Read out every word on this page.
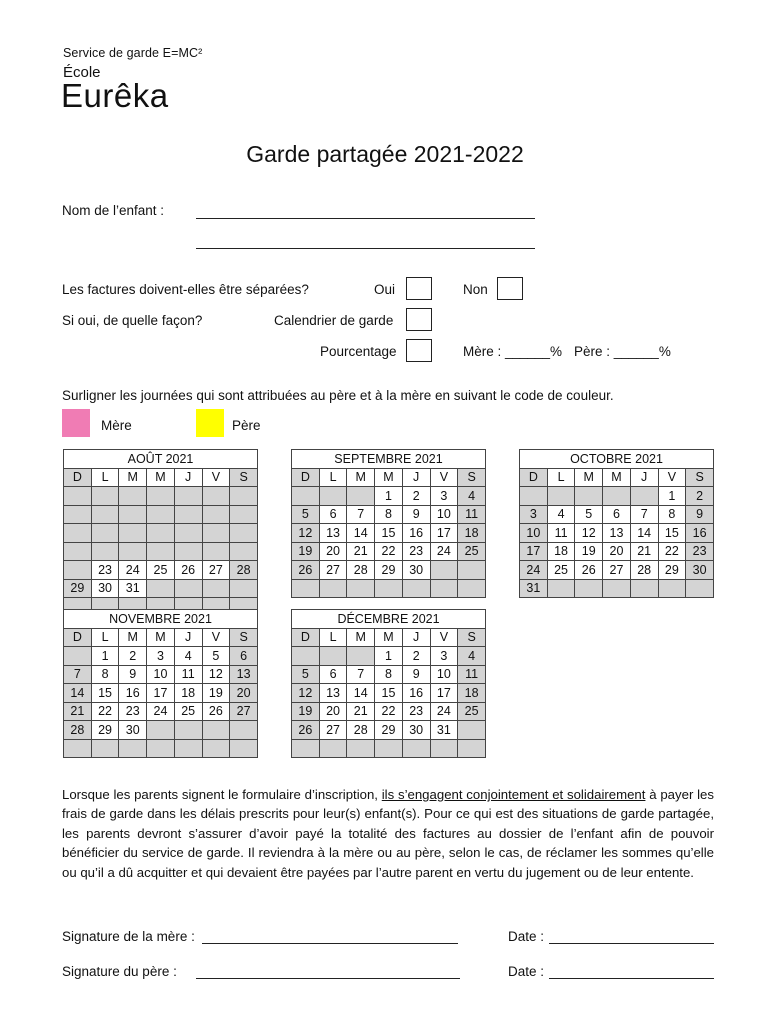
Service de garde E=MC²
École
Eurêka
Garde partagée 2021-2022
Nom de l’enfant :
Les factures doivent-elles être séparées?	Oui	Non
Si oui, de quelle façon?	Calendrier de garde
Pourcentage	Mère : ______% Père : ______%
Surligner les journées qui sont attribuées au père et à la mère en suivant le code de couleur.
Mère	Père
AOÛT 2021						
D	L	M	M	J	V	S

	23	24	25	26	27	28
29	30	31				

SEPTEMBRE 2021						
D	L	M	M	J	V	S
			1	2	3	4
5	6	7	8	9	10	11
12	13	14	15	16	17	18
19	20	21	22	23	24	25
26	27	28	29	30		

OCTOBRE 2021						
D	L	M	M	J	V	S
					1	2
3	4	5	6	7	8	9
10	11	12	13	14	15	16
17	18	19	20	21	22	23
24	25	26	27	28	29	30
31						
NOVEMBRE 2021						
D	L	M	M	J	V	S
	1	2	3	4	5	6
7	8	9	10	11	12	13
14	15	16	17	18	19	20
21	22	23	24	25	26	27
28	29	30				

DÉCEMBRE 2021						
D	L	M	M	J	V	S
			1	2	3	4
5	6	7	8	9	10	11
12	13	14	15	16	17	18
19	20	21	22	23	24	25
26	27	28	29	30	31	

Lorsque les parents signent le formulaire d’inscription, ils s’engagent conjointement et solidairement à payer les frais de garde dans les délais prescrits pour leur(s) enfant(s). Pour ce qui est des situations de garde partagée, les parents devront s’assurer d’avoir payé la totalité des factures au dossier de l’enfant afin de pouvoir bénéficier du service de garde. Il reviendra à la mère ou au père, selon le cas, de réclamer les sommes qu’elle ou qu’il a dû acquitter et qui devaient être payées par l’autre parent en vertu du jugement ou de leur entente.
Signature de la mère :	Date :
Signature du père :	Date :
